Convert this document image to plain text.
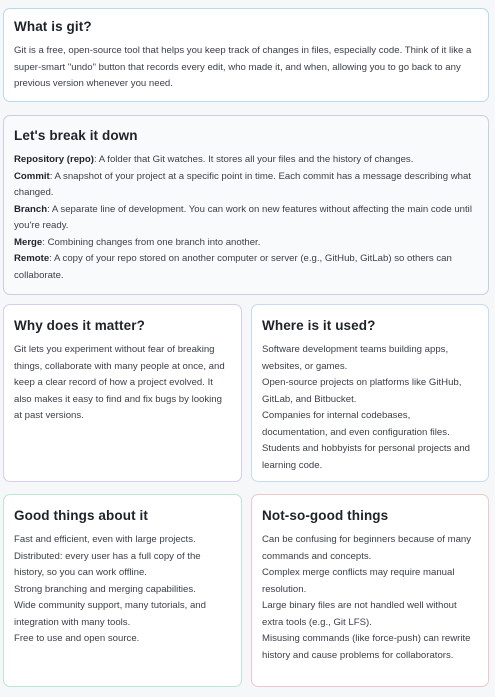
What is git?

Git is a free, open-source tool that helps you keep track of changes in files, especially code. Think of it like a super-smart "undo" button that records every edit, who made it, and when, allowing you to go back to any previous version whenever you need.

Let's break it down
Repository (repo): A folder that Git watches. It stores all your files and the history of changes.
Commit: A snapshot of your project at a specific point in time. Each commit has a message describing what changed.
Branch: A separate line of development. You can work on new features without affecting the main code until you're ready.
Merge: Combining changes from one branch into another.
Remote: A copy of your repo stored on another computer or server (e.g., GitHub, GitLab) so others can collaborate.
Why does it matter?

Git lets you experiment without fear of breaking things, collaborate with many people at once, and keep a clear record of how a project evolved. It also makes it easy to find and fix bugs by looking at past versions.

Where is it used?
Software development teams building apps, websites, or games.
Open-source projects on platforms like GitHub, GitLab, and Bitbucket.
Companies for internal codebases, documentation, and even configuration files.
Students and hobbyists for personal projects and learning code.
Good things about it
Fast and efficient, even with large projects.
Distributed: every user has a full copy of the history, so you can work offline.
Strong branching and merging capabilities.
Wide community support, many tutorials, and integration with many tools.
Free to use and open source.
Not-so-good things
Can be confusing for beginners because of many commands and concepts.
Complex merge conflicts may require manual resolution.
Large binary files are not handled well without extra tools (e.g., Git LFS).
Misusing commands (like force-push) can rewrite history and cause problems for collaborators.
